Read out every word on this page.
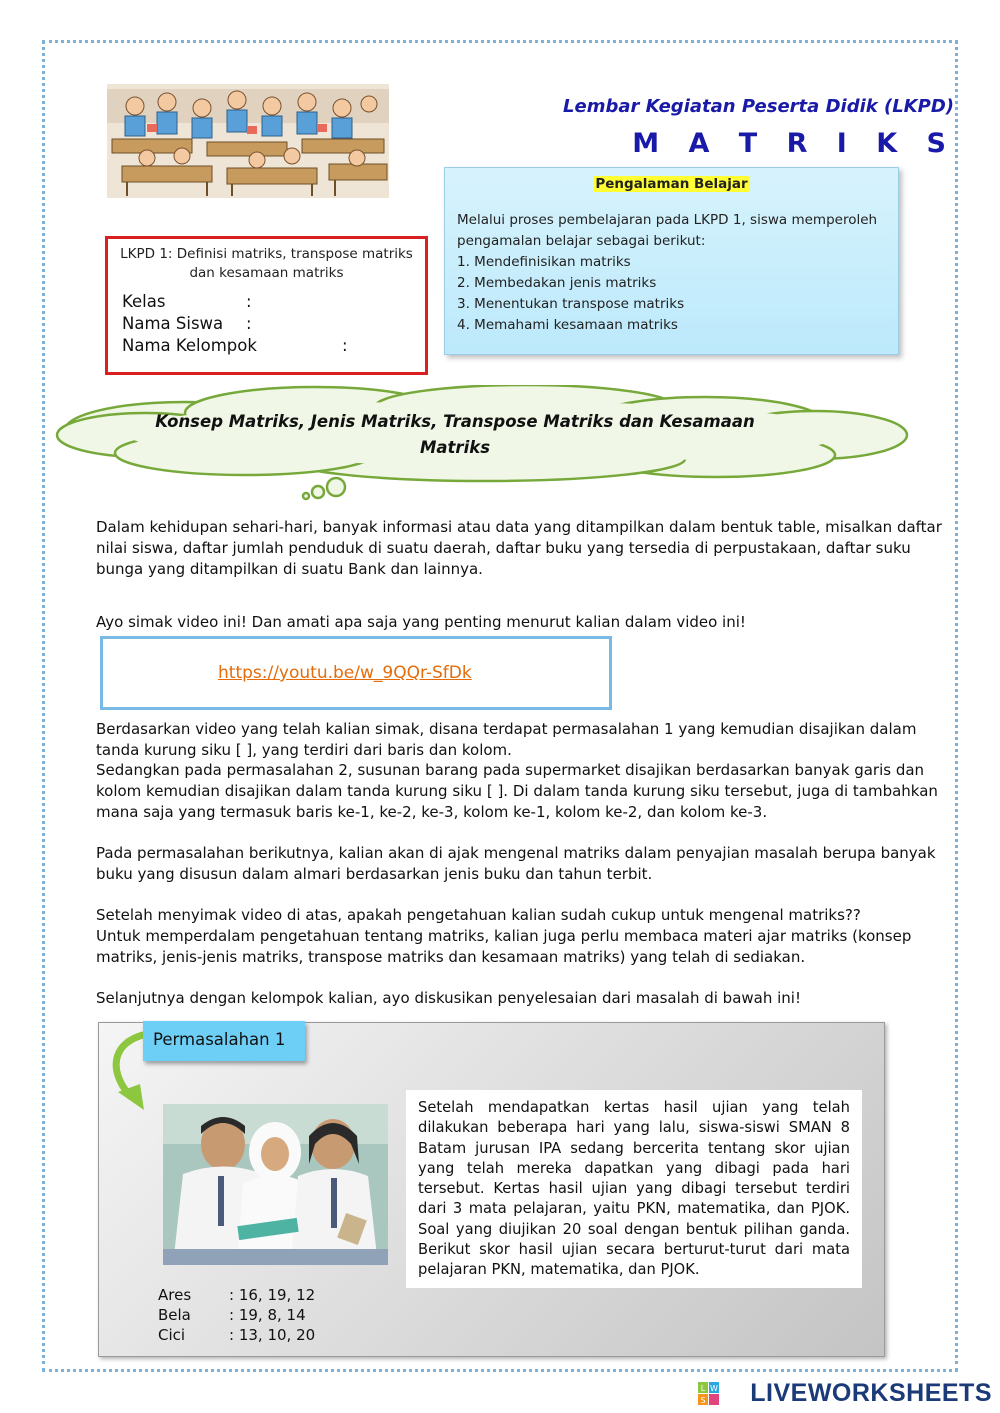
Lembar Kegiatan Peserta Didik (LKPD)
M A T R I K S
LKPD 1: Definisi matriks, transpose matriks dan kesamaan matriks
Kelas	:
Nama Siswa :
Nama Kelompok	:
Pengalaman Belajar
Melalui proses pembelajaran pada LKPD 1, siswa memperoleh pengamalan belajar sebagai berikut:
1. Mendefinisikan matriks
2. Membedakan jenis matriks
3. Menentukan transpose matriks
4. Memahami kesamaan matriks
Konsep Matriks, Jenis Matriks, Transpose Matriks dan Kesamaan Matriks
Dalam kehidupan sehari-hari, banyak informasi atau data yang ditampilkan dalam bentuk table, misalkan daftar nilai siswa, daftar jumlah penduduk di suatu daerah, daftar buku yang tersedia di perpustakaan, daftar suku bunga yang ditampilkan di suatu Bank dan lainnya.
Ayo simak video ini! Dan amati apa saja yang penting menurut kalian dalam video ini!
https://youtu.be/w_9QQr-SfDk
Berdasarkan video yang telah kalian simak, disana terdapat permasalahan 1 yang kemudian disajikan dalam tanda kurung siku [ ], yang terdiri dari baris dan kolom.
Sedangkan pada permasalahan 2, susunan barang pada supermarket disajikan berdasarkan banyak garis dan kolom kemudian disajikan dalam tanda kurung siku [ ]. Di dalam tanda kurung siku tersebut, juga di tambahkan mana saja yang termasuk baris ke-1, ke-2, ke-3, kolom ke-1, kolom ke-2, dan kolom ke-3.
Pada permasalahan berikutnya, kalian akan di ajak mengenal matriks dalam penyajian masalah berupa banyak buku yang disusun dalam almari berdasarkan jenis buku dan tahun terbit.
Setelah menyimak video di atas, apakah pengetahuan kalian sudah cukup untuk mengenal matriks??
Untuk memperdalam pengetahuan tentang matriks, kalian juga perlu membaca materi ajar matriks (konsep matriks, jenis-jenis matriks, transpose matriks dan kesamaan matriks) yang telah di sediakan.
Selanjutnya dengan kelompok kalian, ayo diskusikan penyelesaian dari masalah di bawah ini!
Permasalahan 1
Setelah mendapatkan kertas hasil ujian yang telah dilakukan beberapa hari yang lalu, siswa-siswi SMAN 8 Batam jurusan IPA sedang bercerita tentang skor ujian yang telah mereka dapatkan yang dibagi pada hari tersebut. Kertas hasil ujian yang dibagi tersebut terdiri dari 3 mata pelajaran, yaitu PKN, matematika, dan PJOK. Soal yang diujikan 20 soal dengan bentuk pilihan ganda. Berikut skor hasil ujian secara berturut-turut dari mata pelajaran PKN, matematika, dan PJOK.
Ares	: 16, 19, 12
Bela	: 19, 8, 14
Cici	: 13, 10, 20
L W
S LIVEWORKSHEETS
